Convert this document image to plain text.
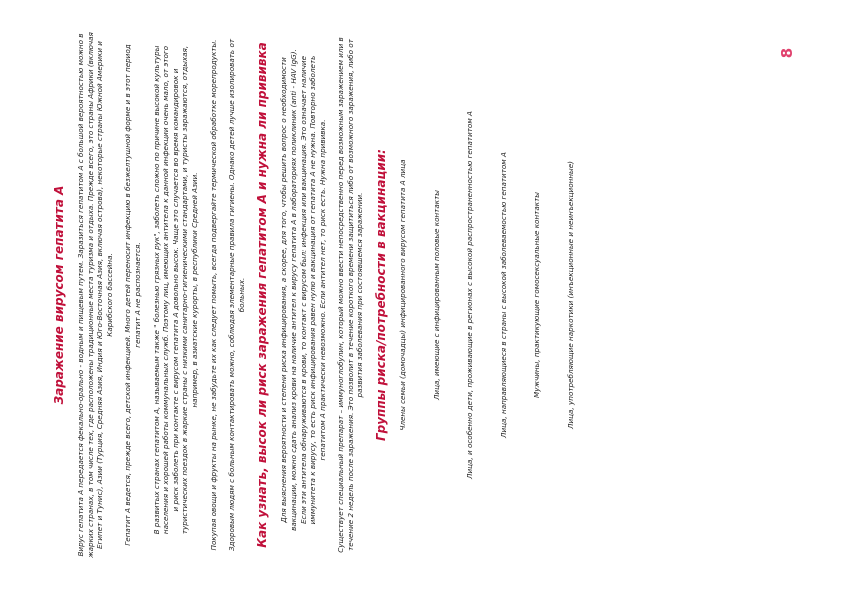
8
Заражение вирусом гепатита А Вирус гепатита А передается фекально-орально - водным и пищевым путем. Заразиться гепатитом А с большой вероятностью можно в жарких странах, в том числе тех, где расположены традиционные места туризма и отдыха. Прежде всего, это страны Африки (включая Египет и Тунис), Азии (Турция, Средняя Азия, Индия и Юго-Восточная Азия, включая острова), некоторые страны Южной Америки и Карибского бассейна. Гепатит А ведется, прежде всего, детской инфекцией. Много детей переносит инфекцию в безжелтушной форме и в этот период гепатит А не распознается. В развитых странах гепатитом А, называемым также " болезнью грязных рук", заболеть сложно по причине высокой культуры населения и хорошей работы коммунальных служб. Поэтому лиц, имеющих антитела к данной инфекции очень мало, от этого и риск заболеть при контакте с вирусом гепатита А довольно высок. Чаще это случается во время командировок и туристических поездок в жаркие страны с низкими санитарно-гигиеническими стандартами, и туристы заражаются, отдыхая, например, в азиатские курорты, в республики Средней Азии. Покупая овощи и фрукты на рынке, не забудьте их как следует помыть, всегда подвергайте термической обработке морепродукты. Здоровым людям с больным контактировать можно, соблюдая элементарные правила гигиены. Однако детей лучше изолировать от больных. Как узнать, высок ли риск заражения гепатитом А и нужна ли прививка Для выяснения вероятности и степени риска инфицирования, а скорее, для того, чтобы решить вопрос о необходимости вакцинации, можно сдать анализ крови на наличие антител к вирусу гепатита А в лабораториях поликлиник (anti - HAV IgG). Если эти антитела обнаруживаются в крови, то контакт с вирусом был: инфекция или вакцинация. Это означает наличие иммунитета к вирусу, то есть риск инфицирования равен нулю и вакцинация от гепатита А не нужна. Повторно заболеть гепатитом А практически невозможно. Если антител нет, то риск есть. Нужна прививка. Существует специальный препарат – иммуноглобулин, который можно ввести непосредственно перед возможным заражением или в течение 2 недель после заражения. Это позволит в течение короткого времени защититься либо от возможного заражения, либо от развития заболевания при состоявшемся заражении. Группы риска/потребности в вакцинации: Члены семьи (домочадцы) инфицированного вирусом гепатита А лица	Лица, имеющие с инфицированным половые контакты	Лица, и особенно дети, проживающие в регионах с высокой распространенностью гепатитом А	Лица, направляющиеся в страны с высокой заболеваемостью гепатитом А	Мужчины, практикующие гомосексуальные контакты	Лица, употребляющие наркотики (инъекционные и неинъекционные)
